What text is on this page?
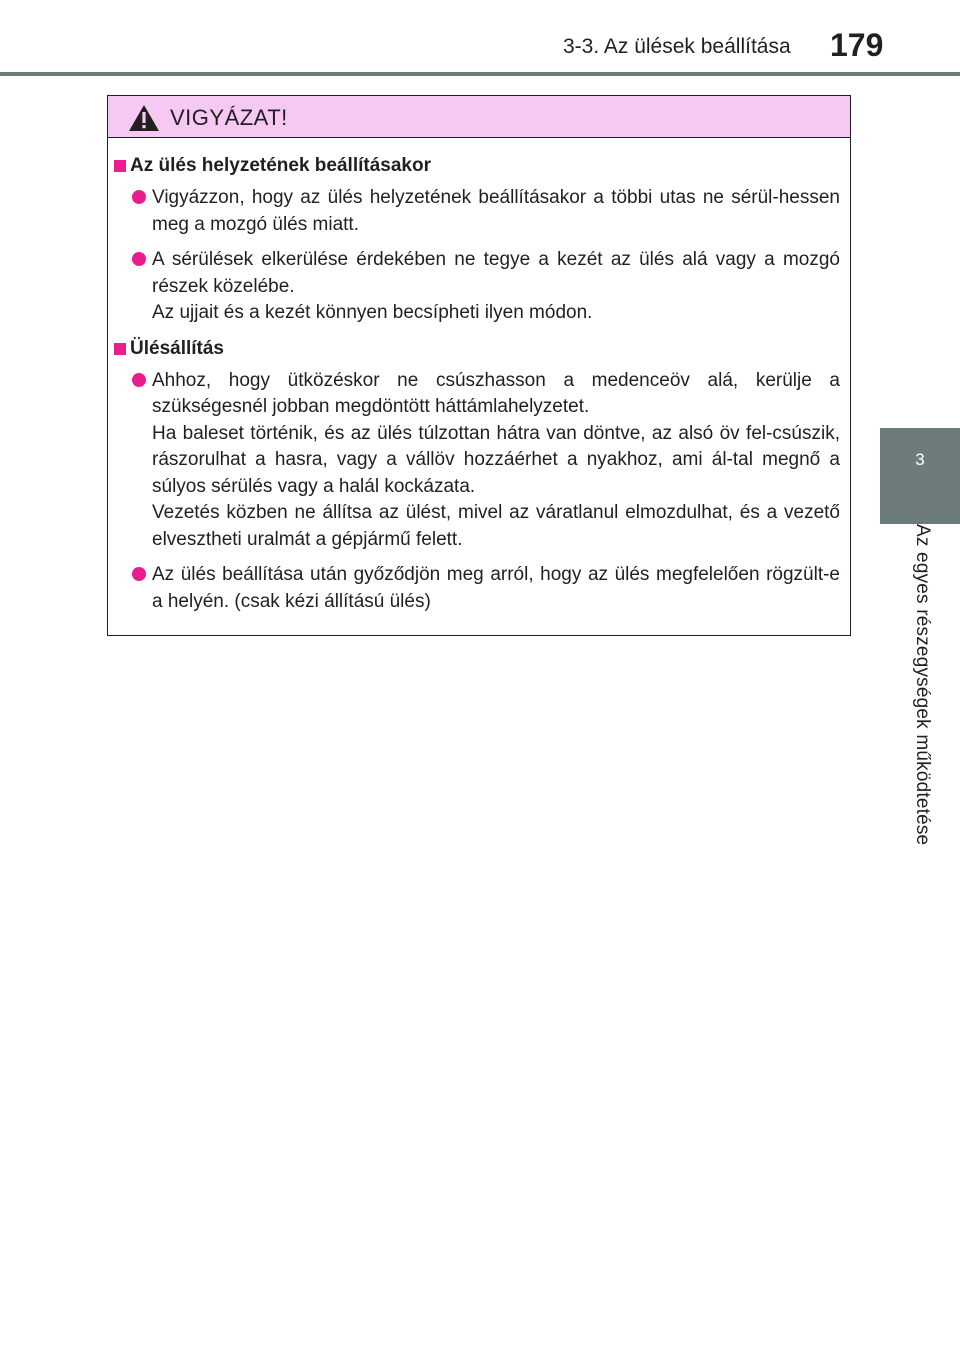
3-3. Az ülések beállítása 179
3
Az egyes részegységek működtetése
VIGYÁZAT!
Az ülés helyzetének beállításakor

Vigyázzon, hogy az ülés helyzetének beállításakor a többi utas ne sérül-hessen meg a mozgó ülés miatt.

A sérülések elkerülése érdekében ne tegye a kezét az ülés alá vagy a mozgó részek közelébe.

Az ujjait és a kezét könnyen becsípheti ilyen módon.

Ülésállítás

Ahhoz, hogy ütközéskor ne csúszhasson a medenceöv alá, kerülje a szükségesnél jobban megdöntött háttámlahelyzetet.

Ha baleset történik, és az ülés túlzottan hátra van döntve, az alsó öv fel-csúszik, rászorulhat a hasra, vagy a vállöv hozzáérhet a nyakhoz, ami ál-tal megnő a súlyos sérülés vagy a halál kockázata.

Vezetés közben ne állítsa az ülést, mivel az váratlanul elmozdulhat, és a vezető elvesztheti uralmát a gépjármű felett.

Az ülés beállítása után győződjön meg arról, hogy az ülés megfelelően rögzült-e a helyén. (csak kézi állítású ülés)
